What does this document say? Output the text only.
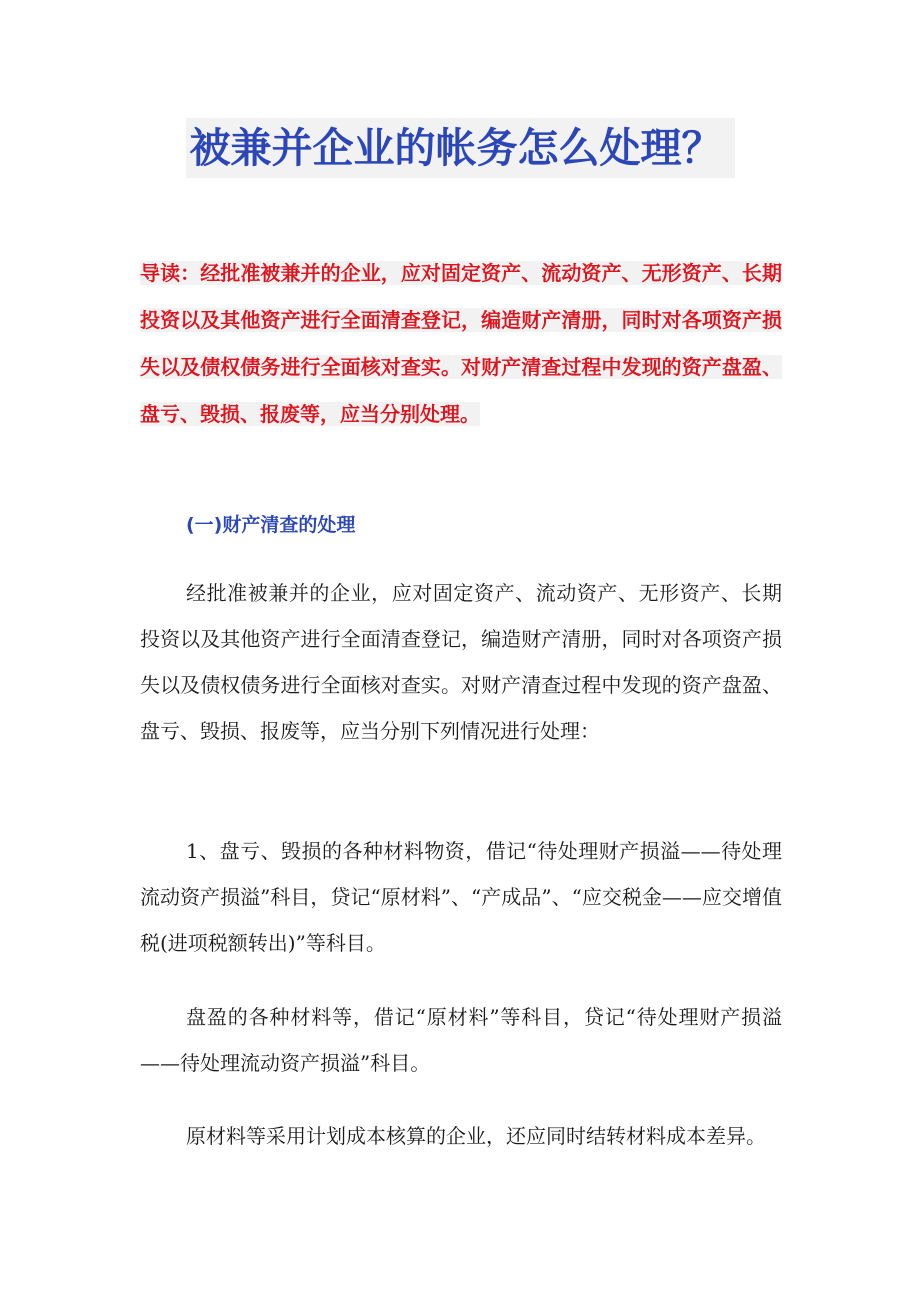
被兼并企业的帐务怎么处理？

导读：经批准被兼并的企业，应对固定资产、流动资产、无形资产、长期投资以及其他资产进行全面清查登记，编造财产清册，同时对各项资产损失以及债权债务进行全面核对查实。对财产清查过程中发现的资产盘盈、盘亏、毁损、报废等，应当分别处理。

(一)财产清查的处理

经批准被兼并的企业，应对固定资产、流动资产、无形资产、长期投资以及其他资产进行全面清查登记，编造财产清册，同时对各项资产损失以及债权债务进行全面核对查实。对财产清查过程中发现的资产盘盈、盘亏、毁损、报废等，应当分别下列情况进行处理：

1、盘亏、毁损的各种材料物资，借记“待处理财产损溢——待处理流动资产损溢”科目，贷记“原材料”、“产成品”、“应交税金——应交增值税(进项税额转出)”等科目。

盘盈的各种材料等，借记“原材料”等科目，贷记“待处理财产损溢——待处理流动资产损溢”科目。

原材料等采用计划成本核算的企业，还应同时结转材料成本差异。
